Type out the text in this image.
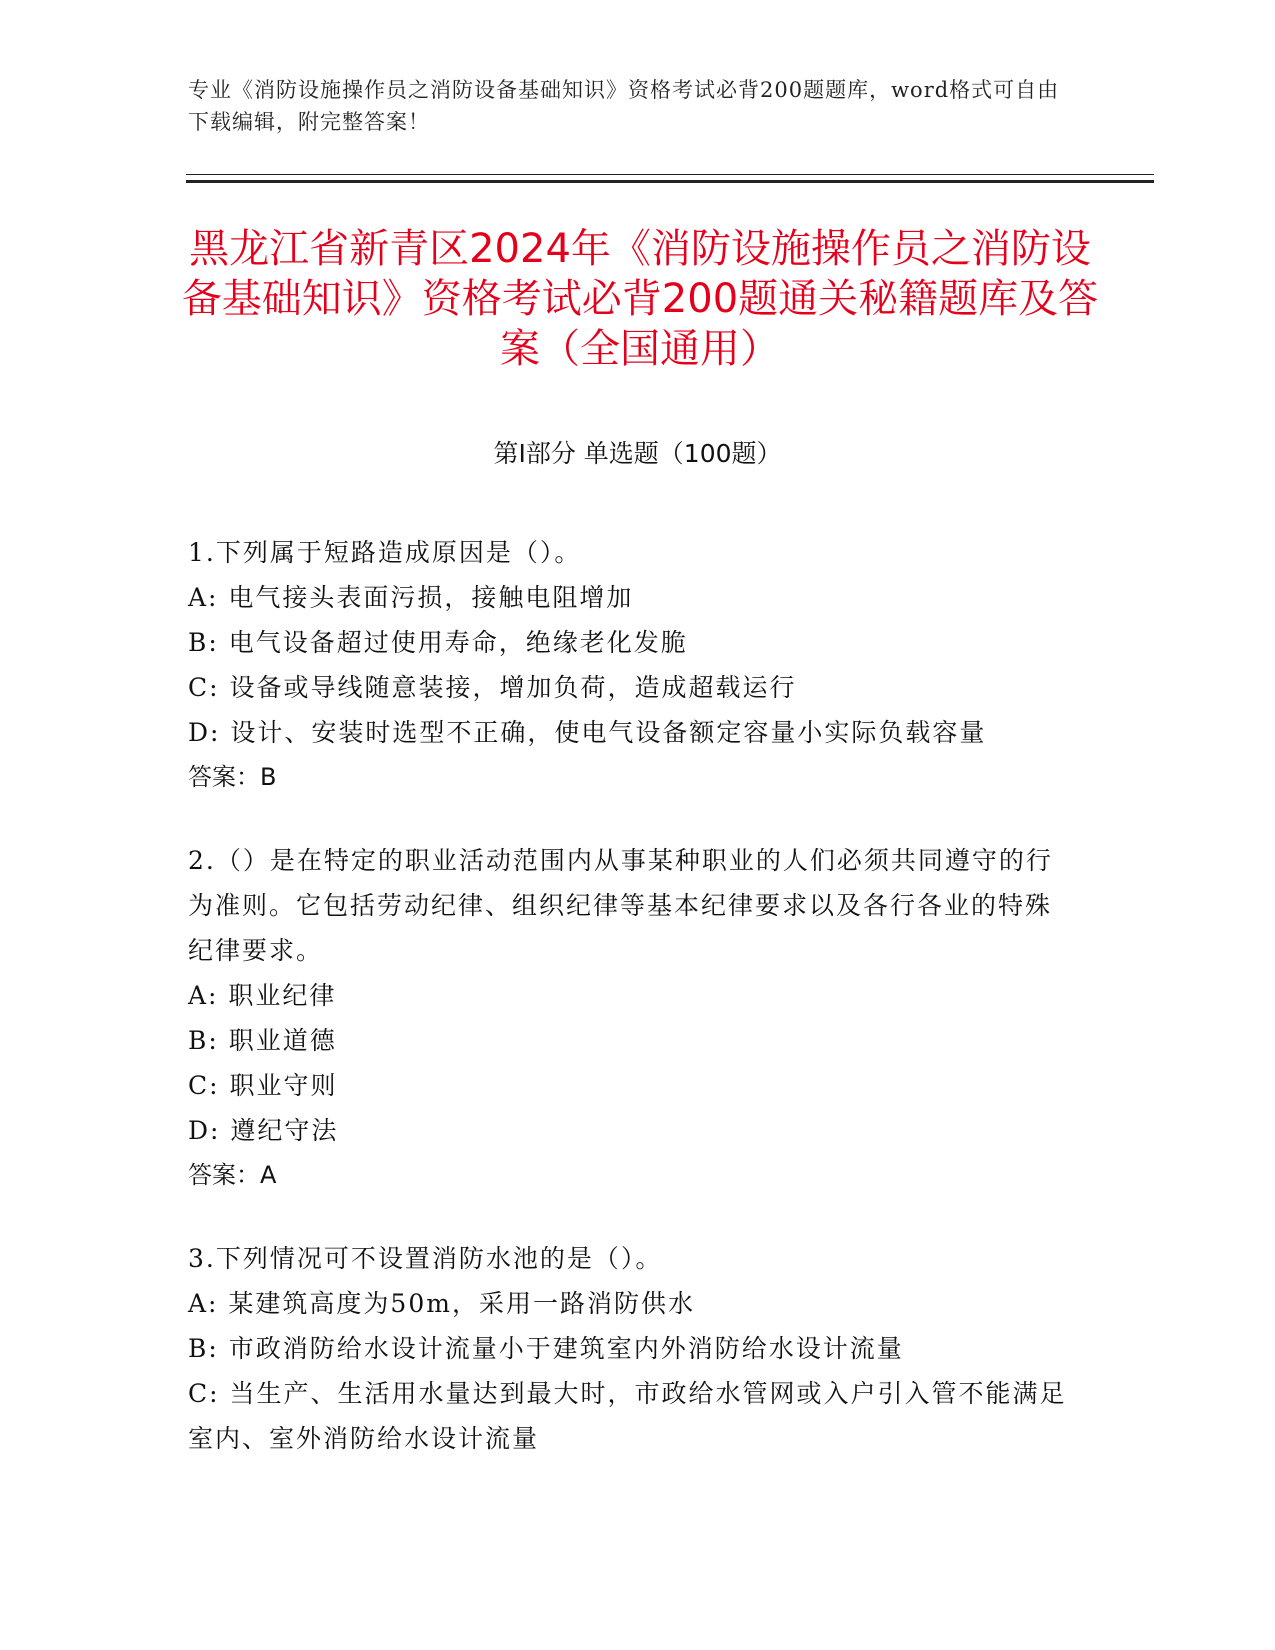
专业《消防设施操作员之消防设备基础知识》资格考试必背200题题库，word格式可自由下载编辑，附完整答案！
黑龙江省新青区2024年《消防设施操作员之消防设备基础知识》资格考试必背200题通关秘籍题库及答案（全国通用）
第Ⅰ部分 单选题（100题）
1.下列属于短路造成原因是（）。
A: 电气接头表面污损，接触电阻增加
B: 电气设备超过使用寿命，绝缘老化发脆
C: 设备或导线随意装接，增加负荷，造成超载运行
D: 设计、安装时选型不正确，使电气设备额定容量小实际负载容量
答案：B
2.（）是在特定的职业活动范围内从事某种职业的人们必须共同遵守的行为准则。它包括劳动纪律、组织纪律等基本纪律要求以及各行各业的特殊纪律要求。
A: 职业纪律
B: 职业道德
C: 职业守则
D: 遵纪守法
答案：A
3.下列情况可不设置消防水池的是（）。
A: 某建筑高度为50m，采用一路消防供水
B: 市政消防给水设计流量小于建筑室内外消防给水设计流量
C: 当生产、生活用水量达到最大时，市政给水管网或入户引入管不能满足室内、室外消防给水设计流量
